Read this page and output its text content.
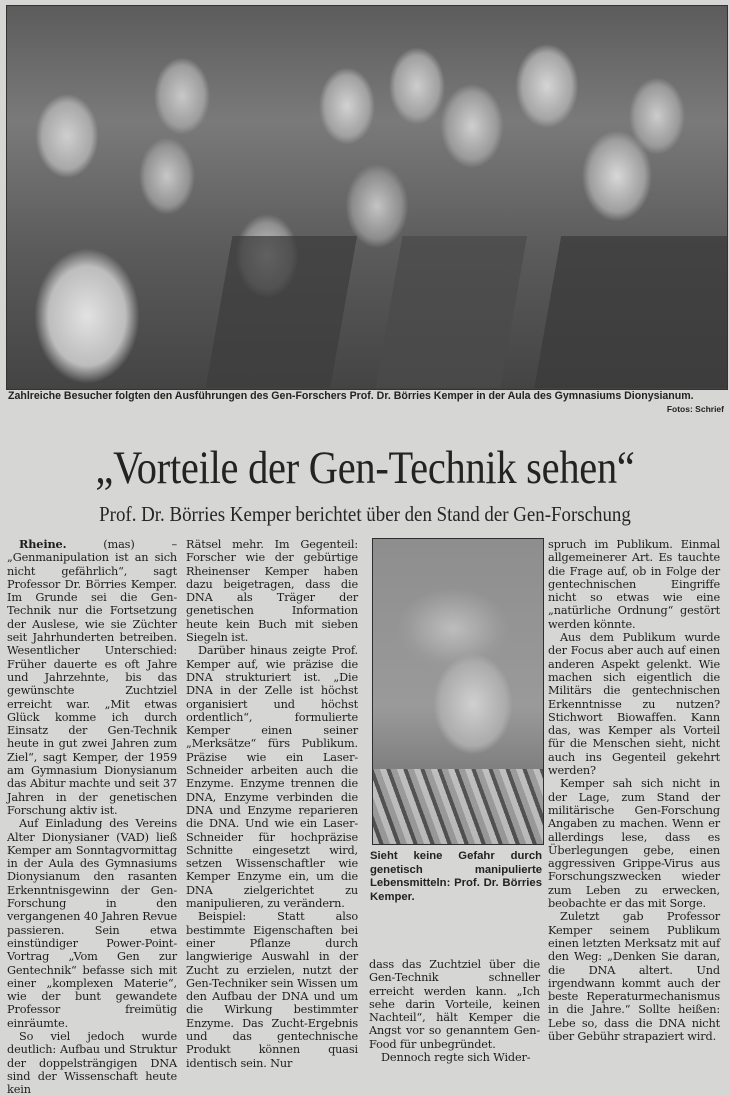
Zahlreiche Besucher folgten den Ausführungen des Gen-Forschers Prof. Dr. Börries Kemper in der Aula des Gymnasiums Dionysianum.
Fotos: Schrief
„Vorteile der Gen-Technik sehen“
Prof. Dr. Börries Kemper berichtet über den Stand der Gen-Forschung

Rheine. (mas) – „Genmanipulation ist an sich nicht gefährlich“, sagt Professor Dr. Börries Kemper. Im Grunde sei die Gen-Technik nur die Fortsetzung der Auslese, wie sie Züchter seit Jahrhunderten betreiben. Wesentlicher Unterschied: Früher dauerte es oft Jahre und Jahrzehnte, bis das gewünschte Zuchtziel erreicht war. „Mit etwas Glück komme ich durch Einsatz der Gen-Technik heute in gut zwei Jahren zum Ziel“, sagt Kemper, der 1959 am Gymnasium Dionysianum das Abitur machte und seit 37 Jahren in der genetischen Forschung aktiv ist.

Auf Einladung des Vereins Alter Dionysianer (VAD) ließ Kemper am Sonntagvormittag in der Aula des Gymnasiums Dionysianum den rasanten Erkenntnisgewinn der Gen-Forschung in den vergangenen 40 Jahren Revue passieren. Sein etwa einstündiger Power-Point-Vortrag „Vom Gen zur Gentechnik“ befasse sich mit einer „komplexen Materie“, wie der bunt gewandete Professor freimütig einräumte.

So viel jedoch wurde deutlich: Aufbau und Struktur der doppelsträngigen DNA sind der Wissenschaft heute kein

Rätsel mehr. Im Gegenteil: Forscher wie der gebürtige Rheinenser Kemper haben dazu beigetragen, dass die DNA als Träger der genetischen Information heute kein Buch mit sieben Siegeln ist.

Darüber hinaus zeigte Prof. Kemper auf, wie präzise die DNA strukturiert ist. „Die DNA in der Zelle ist höchst organisiert und höchst ordentlich“, formulierte Kemper einen seiner „Merksätze“ fürs Publikum. Präzise wie ein Laser-Schneider arbeiten auch die Enzyme. Enzyme trennen die DNA, Enzyme verbinden die DNA und Enzyme reparieren die DNA. Und wie ein Laser-Schneider für hochpräzise Schnitte eingesetzt wird, setzen Wissenschaftler wie Kemper Enzyme ein, um die DNA zielgerichtet zu manipulieren, zu verändern.

Beispiel: Statt also bestimmte Eigenschaften bei einer Pflanze durch langwierige Auswahl in der Zucht zu erzielen, nutzt der Gen-Techniker sein Wissen um den Aufbau der DNA und um die Wirkung bestimmter Enzyme. Das Zucht-Ergebnis und das gentechnische Produkt können quasi identisch sein. Nur

Sieht keine Gefahr durch genetisch manipulierte Lebensmitteln: Prof. Dr. Börries Kemper.

dass das Zuchtziel über die Gen-Technik schneller erreicht werden kann. „Ich sehe darin Vorteile, keinen Nachteil“, hält Kemper die Angst vor so genanntem Gen-Food für unbegründet.

Dennoch regte sich Wider-

spruch im Publikum. Einmal allgemeinerer Art. Es tauchte die Frage auf, ob in Folge der gentechnischen Eingriffe nicht so etwas wie eine „natürliche Ordnung“ gestört werden könnte.

Aus dem Publikum wurde der Focus aber auch auf einen anderen Aspekt gelenkt. Wie machen sich eigentlich die Militärs die gentechnischen Erkenntnisse zu nutzen? Stichwort Biowaffen. Kann das, was Kemper als Vorteil für die Menschen sieht, nicht auch ins Gegenteil gekehrt werden?

Kemper sah sich nicht in der Lage, zum Stand der militärische Gen-Forschung Angaben zu machen. Wenn er allerdings lese, dass es Überlegungen gebe, einen aggressiven Grippe-Virus aus Forschungszwecken wieder zum Leben zu erwecken, beobachte er das mit Sorge.

Zuletzt gab Professor Kemper seinem Publikum einen letzten Merksatz mit auf den Weg: „Denken Sie daran, die DNA altert. Und irgendwann kommt auch der beste Reperaturmechanismus in die Jahre.“ Sollte heißen: Lebe so, dass die DNA nicht über Gebühr strapaziert wird.
